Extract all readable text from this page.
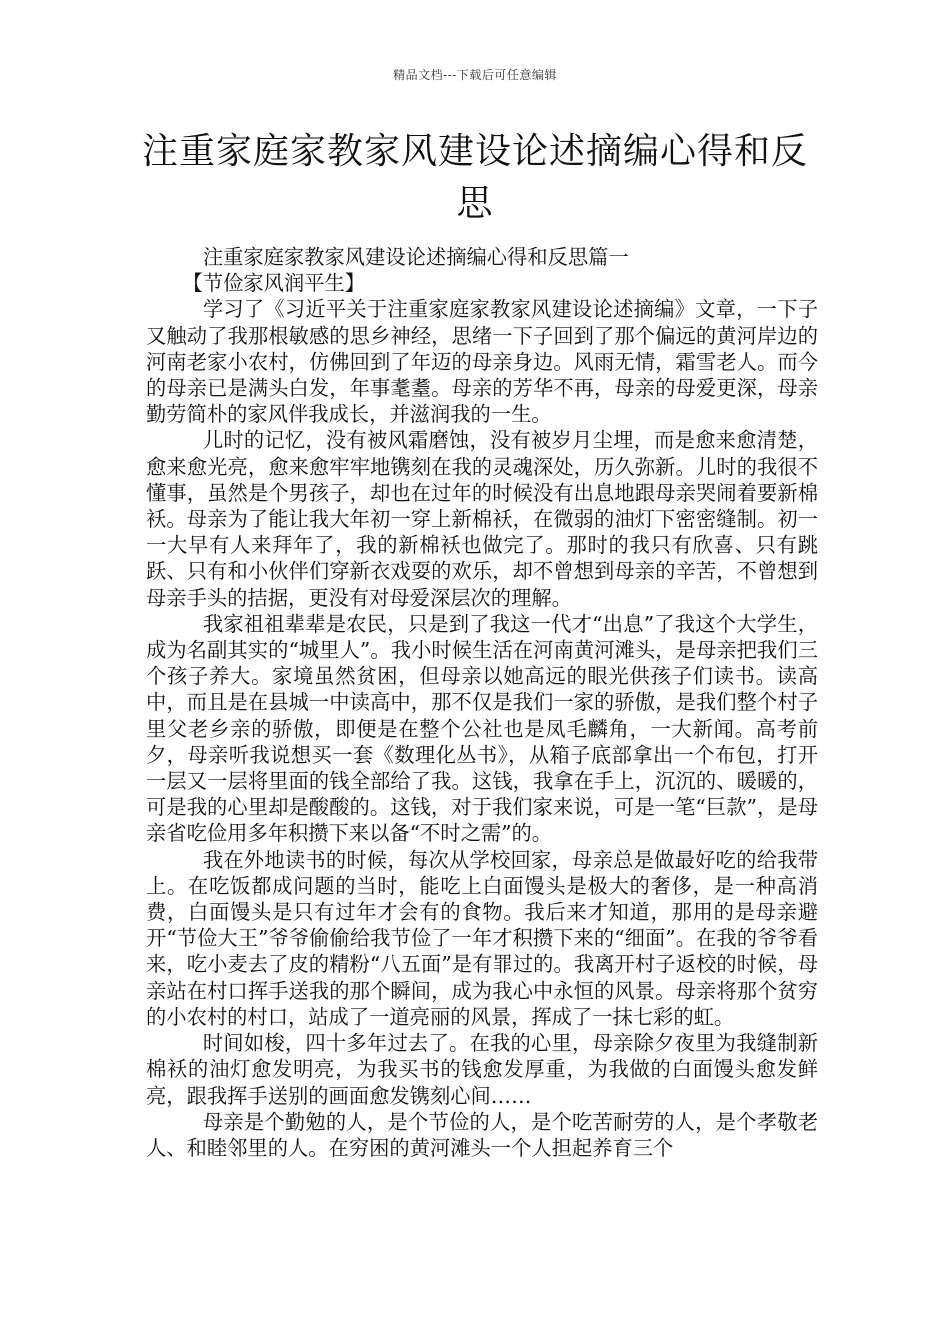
精品文档---下载后可任意编辑
注重家庭家教家风建设论述摘编心得和反思

注重家庭家教家风建设论述摘编心得和反思篇一

【节俭家风润平生】

学习了《习近平关于注重家庭家教家风建设论述摘编》文章，一下子又触动了我那根敏感的思乡神经，思绪一下子回到了那个偏远的黄河岸边的河南老家小农村，仿佛回到了年迈的母亲身边。风雨无情，霜雪老人。而今的母亲已是满头白发，年事耄耋。母亲的芳华不再，母亲的母爱更深，母亲勤劳简朴的家风伴我成长，并滋润我的一生。

儿时的记忆，没有被风霜磨蚀，没有被岁月尘埋，而是愈来愈清楚，愈来愈光亮，愈来愈牢牢地镌刻在我的灵魂深处，历久弥新。儿时的我很不懂事，虽然是个男孩子，却也在过年的时候没有出息地跟母亲哭闹着要新棉袄。母亲为了能让我大年初一穿上新棉袄，在微弱的油灯下密密缝制。初一一大早有人来拜年了，我的新棉袄也做完了。那时的我只有欣喜、只有跳跃、只有和小伙伴们穿新衣戏耍的欢乐，却不曾想到母亲的辛苦，不曾想到母亲手头的拮据，更没有对母爱深层次的理解。

我家祖祖辈辈是农民，只是到了我这一代才“出息”了我这个大学生，成为名副其实的“城里人”。我小时候生活在河南黄河滩头，是母亲把我们三个孩子养大。家境虽然贫困，但母亲以她高远的眼光供孩子们读书。读高中，而且是在县城一中读高中，那不仅是我们一家的骄傲，是我们整个村子里父老乡亲的骄傲，即便是在整个公社也是凤毛麟角，一大新闻。高考前夕，母亲听我说想买一套《数理化丛书》，从箱子底部拿出一个布包，打开一层又一层将里面的钱全部给了我。这钱，我拿在手上，沉沉的、暖暖的，可是我的心里却是酸酸的。这钱，对于我们家来说，可是一笔“巨款”，是母亲省吃俭用多年积攒下来以备“不时之需”的。

我在外地读书的时候，每次从学校回家，母亲总是做最好吃的给我带上。在吃饭都成问题的当时，能吃上白面馒头是极大的奢侈，是一种高消费，白面馒头是只有过年才会有的食物。我后来才知道，那用的是母亲避开“节俭大王”爷爷偷偷给我节俭了一年才积攒下来的“细面”。在我的爷爷看来，吃小麦去了皮的精粉“八五面”是有罪过的。我离开村子返校的时候，母亲站在村口挥手送我的那个瞬间，成为我心中永恒的风景。母亲将那个贫穷的小农村的村口，站成了一道亮丽的风景，挥成了一抹七彩的虹。

时间如梭，四十多年过去了。在我的心里，母亲除夕夜里为我缝制新棉袄的油灯愈发明亮，为我买书的钱愈发厚重，为我做的白面馒头愈发鲜亮，跟我挥手送别的画面愈发镌刻心间……

母亲是个勤勉的人，是个节俭的人，是个吃苦耐劳的人，是个孝敬老人、和睦邻里的人。在穷困的黄河滩头一个人担起养育三个
